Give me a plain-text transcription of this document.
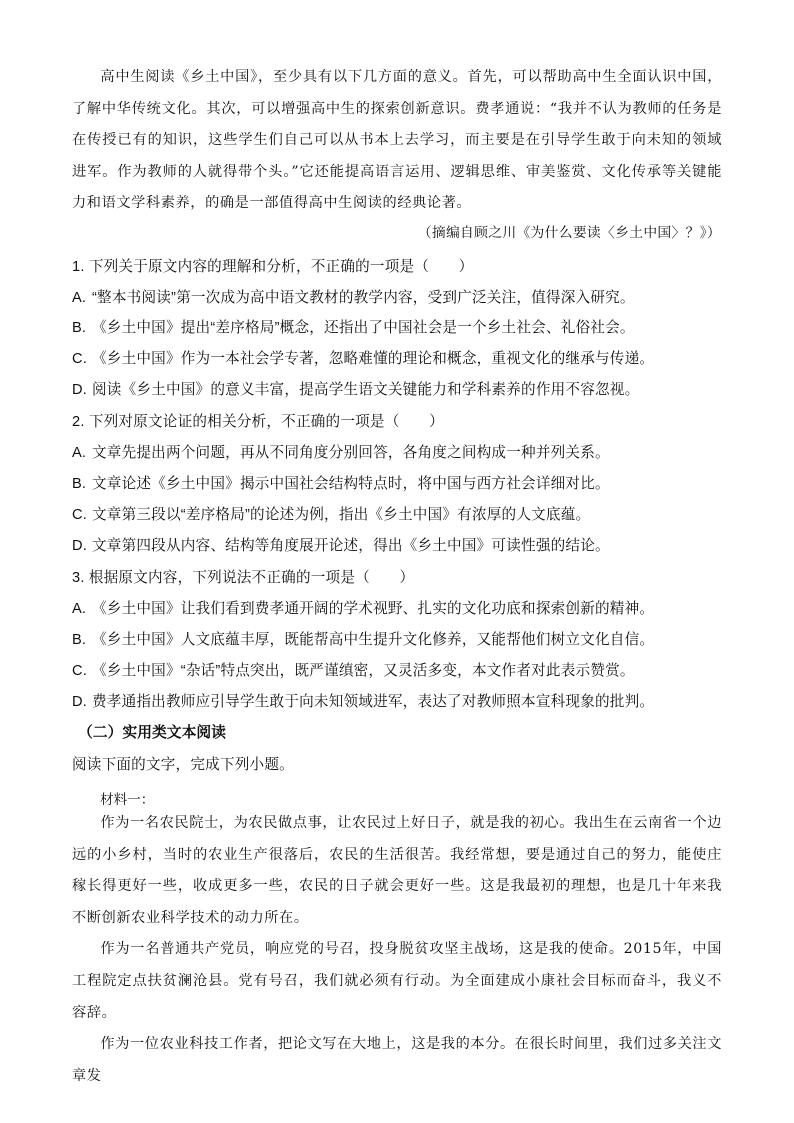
高中生阅读《乡土中国》，至少具有以下几方面的意义。首先，可以帮助高中生全面认识中国，了解中华传统文化。其次，可以增强高中生的探索创新意识。费孝通说：“我并不认为教师的任务是在传授已有的知识，这些学生们自己可以从书本上去学习，而主要是在引导学生敢于向未知的领域进军。作为教师的人就得带个头。”它还能提高语言运用、逻辑思维、审美鉴赏、文化传承等关键能力和语文学科素养，的确是一部值得高中生阅读的经典论著。
（摘编自顾之川《为什么要读〈乡土中国〉？》）
1. 下列关于原文内容的理解和分析，不正确的一项是（　　）
A. “整本书阅读”第一次成为高中语文教材的教学内容，受到广泛关注，值得深入研究。
B. 《乡土中国》提出“差序格局”概念，还指出了中国社会是一个乡土社会、礼俗社会。
C. 《乡土中国》作为一本社会学专著，忽略难懂的理论和概念，重视文化的继承与传递。
D. 阅读《乡土中国》的意义丰富，提高学生语文关键能力和学科素养的作用不容忽视。
2. 下列对原文论证的相关分析，不正确的一项是（　　）
A. 文章先提出两个问题，再从不同角度分别回答，各角度之间构成一种并列关系。
B. 文章论述《乡土中国》揭示中国社会结构特点时，将中国与西方社会详细对比。
C. 文章第三段以“差序格局”的论述为例，指出《乡土中国》有浓厚的人文底蕴。
D. 文章第四段从内容、结构等角度展开论述，得出《乡土中国》可读性强的结论。
3. 根据原文内容，下列说法不正确的一项是（　　）
A. 《乡土中国》让我们看到费孝通开阔的学术视野、扎实的文化功底和探索创新的精神。
B. 《乡土中国》人文底蕴丰厚，既能帮高中生提升文化修养，又能帮他们树立文化自信。
C. 《乡土中国》“杂话”特点突出，既严谨缜密，又灵活多变，本文作者对此表示赞赏。
D. 费孝通指出教师应引导学生敢于向未知领域进军，表达了对教师照本宣科现象的批判。
（二）实用类文本阅读
阅读下面的文字，完成下列小题。
材料一：
作为一名农民院士，为农民做点事，让农民过上好日子，就是我的初心。我出生在云南省一个边远的小乡村，当时的农业生产很落后，农民的生活很苦。我经常想，要是通过自己的努力，能使庄稼长得更好一些，收成更多一些，农民的日子就会更好一些。这是我最初的理想，也是几十年来我不断创新农业科学技术的动力所在。
作为一名普通共产党员，响应党的号召，投身脱贫攻坚主战场，这是我的使命。2015年，中国工程院定点扶贫澜沧县。党有号召，我们就必须有行动。为全面建成小康社会目标而奋斗，我义不容辞。
作为一位农业科技工作者，把论文写在大地上，这是我的本分。在很长时间里，我们过多关注文章发
